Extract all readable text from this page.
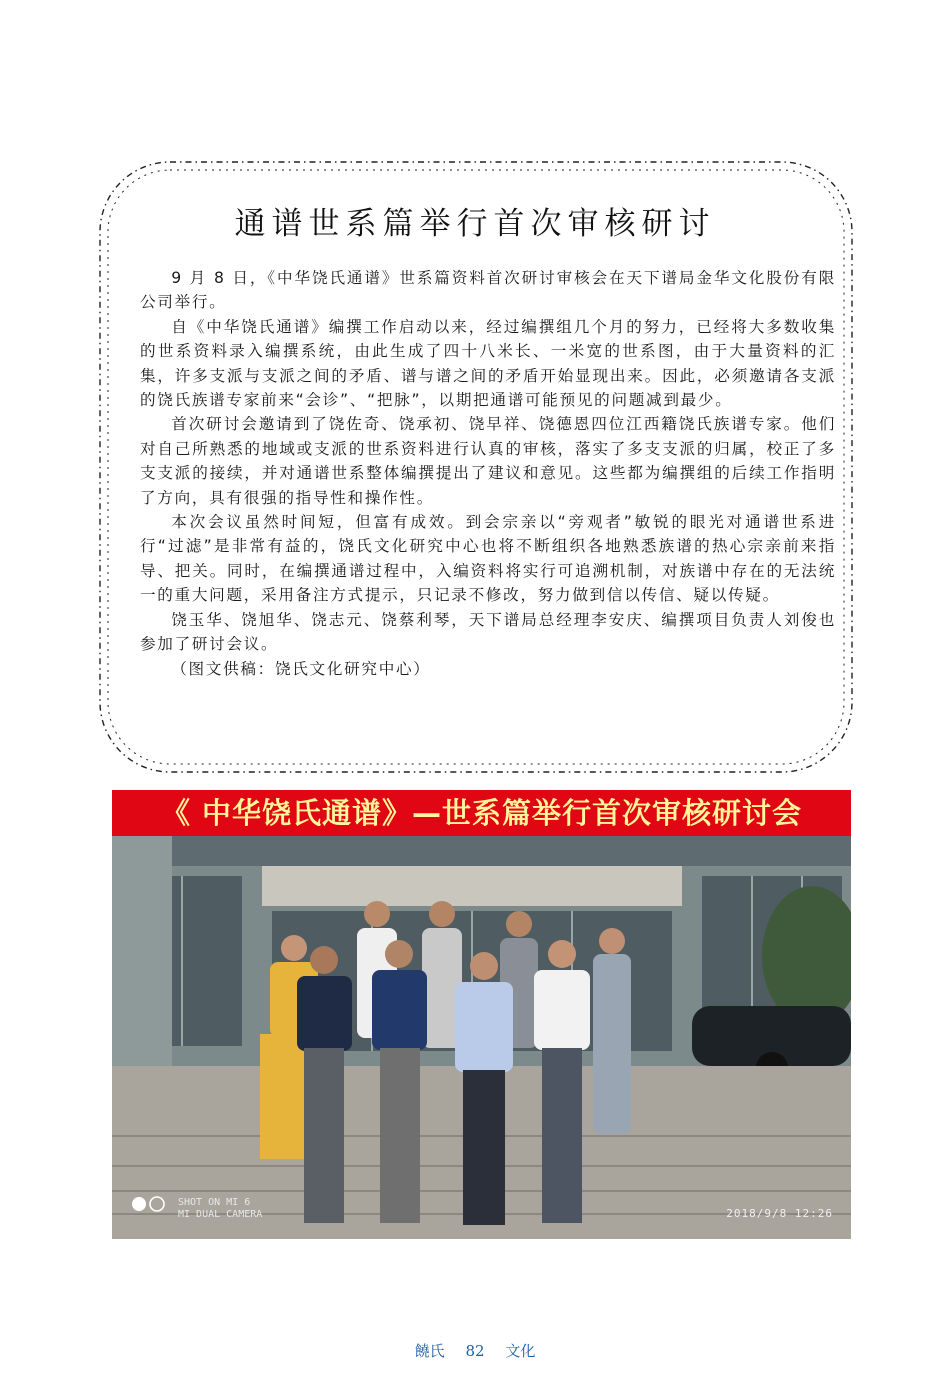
通谱世系篇举行首次审核研讨

9 月 8 日，《中华饶氏通谱》世系篇资料首次研讨审核会在天下谱局金华文化股份有限公司举行。

自《中华饶氏通谱》编撰工作启动以来，经过编撰组几个月的努力，已经将大多数收集的世系资料录入编撰系统，由此生成了四十八米长、一米宽的世系图，由于大量资料的汇集，许多支派与支派之间的矛盾、谱与谱之间的矛盾开始显现出来。因此，必须邀请各支派的饶氏族谱专家前来“会诊”、“把脉”，以期把通谱可能预见的问题减到最少。

首次研讨会邀请到了饶佐奇、饶承初、饶早祥、饶德恩四位江西籍饶氏族谱专家。他们对自己所熟悉的地域或支派的世系资料进行认真的审核，落实了多支支派的归属，校正了多支支派的接续，并对通谱世系整体编撰提出了建议和意见。这些都为编撰组的后续工作指明了方向，具有很强的指导性和操作性。

本次会议虽然时间短，但富有成效。到会宗亲以“旁观者”敏锐的眼光对通谱世系进行“过滤”是非常有益的，饶氏文化研究中心也将不断组织各地熟悉族谱的热心宗亲前来指导、把关。同时，在编撰通谱过程中，入编资料将实行可追溯机制，对族谱中存在的无法统一的重大问题，采用备注方式提示，只记录不修改，努力做到信以传信、疑以传疑。

饶玉华、饶旭华、饶志元、饶蔡利琴，天下谱局总经理李安庆、编撰项目负责人刘俊也参加了研讨会议。

（图文供稿：饶氏文化研究中心）

《 中华饶氏通谱》—世系篇举行首次审核研讨会
SHOT ON MI 6
MI DUAL CAMERA	2018/9/8 12:26
饒氏 82 文化
